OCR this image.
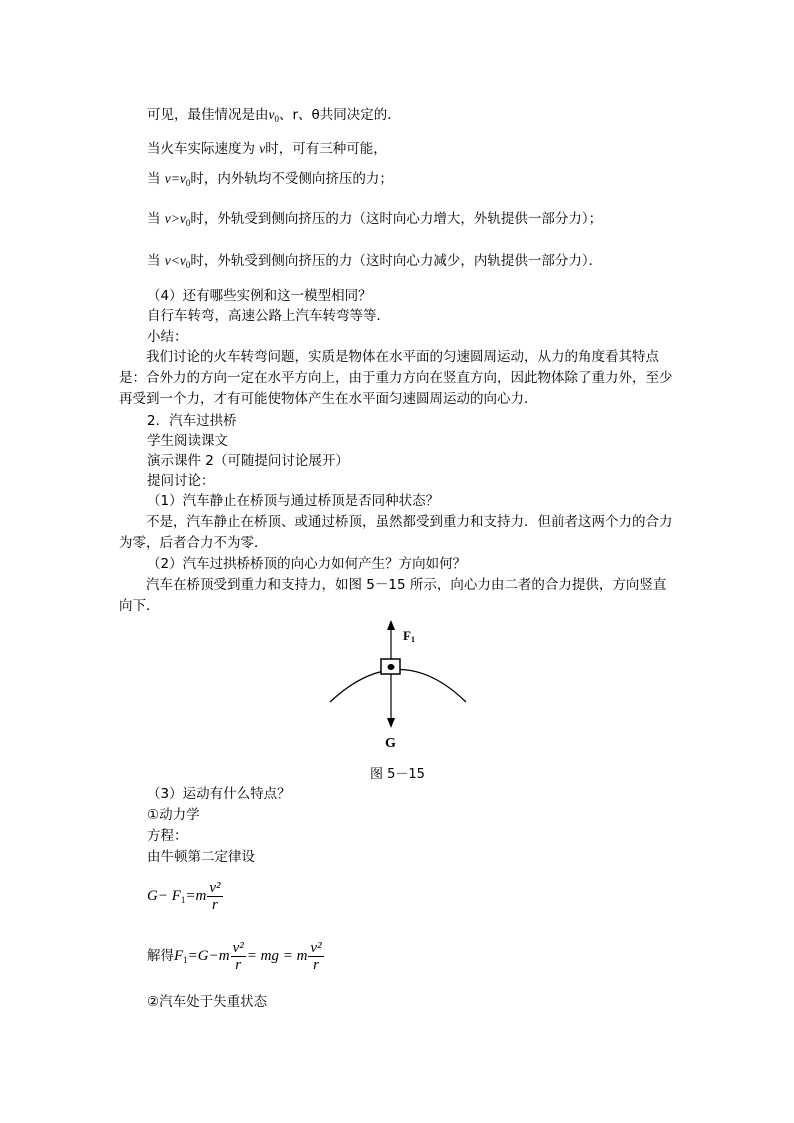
可见，最佳情况是由$v_0$、r、θ共同决定的．
当火车实际速度为 v时，可有三种可能，
当 $v=v_0$时，内外轨均不受侧向挤压的力；
当 $v>v_0$时，外轨受到侧向挤压的力（这时向心力增大，外轨提供一部分力）；
当 $v<v_0$时，外轨受到侧向挤压的力（这时向心力减少，内轨提供一部分力）．
（4）还有哪些实例和这一模型相同？
自行车转弯，高速公路上汽车转弯等等．
小结：
我们讨论的火车转弯问题，实质是物体在水平面的匀速圆周运动，从力的角度看其特点是：合外力的方向一定在水平方向上，由于重力方向在竖直方向，因此物体除了重力外，至少再受到一个力，才有可能使物体产生在水平面匀速圆周运动的向心力．
2．汽车过拱桥
学生阅读课文
演示课件 2（可随提问讨论展开）
提问讨论：
（1）汽车静止在桥顶与通过桥顶是否同种状态？
不是，汽车静止在桥顶、或通过桥顶，虽然都受到重力和支持力．但前者这两个力的合力为零，后者合力不为零．
（2）汽车过拱桥桥顶的向心力如何产生？方向如何？
汽车在桥顶受到重力和支持力，如图 5－15 所示，向心力由二者的合力提供，方向竖直向下．
F1
G
图 5－15
（3）运动有什么特点？
①动力学
方程：
由牛顿第二定律设
$G- F_1=m \frac{\text{v²}}{r}$
解得$F_1=G-m \frac{\text{v²}}{r}$ = mg = m $\frac{\text{v²}}{r}$
②汽车处于失重状态
